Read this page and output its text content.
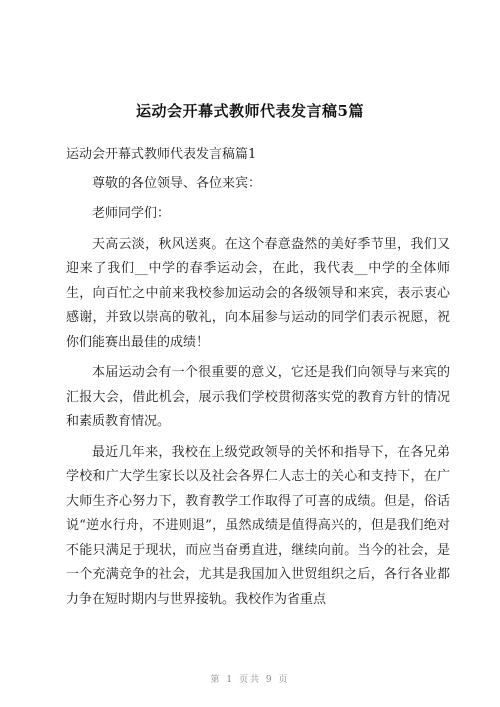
运动会开幕式教师代表发言稿5篇

运动会开幕式教师代表发言稿篇1

尊敬的各位领导、各位来宾：

老师同学们：

天高云淡，秋风送爽。在这个春意盎然的美好季节里，我们又迎来了我们__中学的春季运动会，在此，我代表__中学的全体师生，向百忙之中前来我校参加运动会的各级领导和来宾，表示衷心感谢，并致以崇高的敬礼，向本届参与运动的同学们表示祝愿，祝你们能赛出最佳的成绩！

本届运动会有一个很重要的意义，它还是我们向领导与来宾的汇报大会，借此机会，展示我们学校贯彻落实党的教育方针的情况和素质教育情况。

最近几年来，我校在上级党政领导的关怀和指导下，在各兄弟学校和广大学生家长以及社会各界仁人志士的关心和支持下，在广大师生齐心努力下，教育教学工作取得了可喜的成绩。但是，俗话说“逆水行舟，不进则退”，虽然成绩是值得高兴的，但是我们绝对不能只满足于现状，而应当奋勇直进，继续向前。当今的社会，是一个充满竞争的社会，尤其是我国加入世贸组织之后，各行各业都力争在短时期内与世界接轨。我校作为省重点

第 1 页共 9 页
